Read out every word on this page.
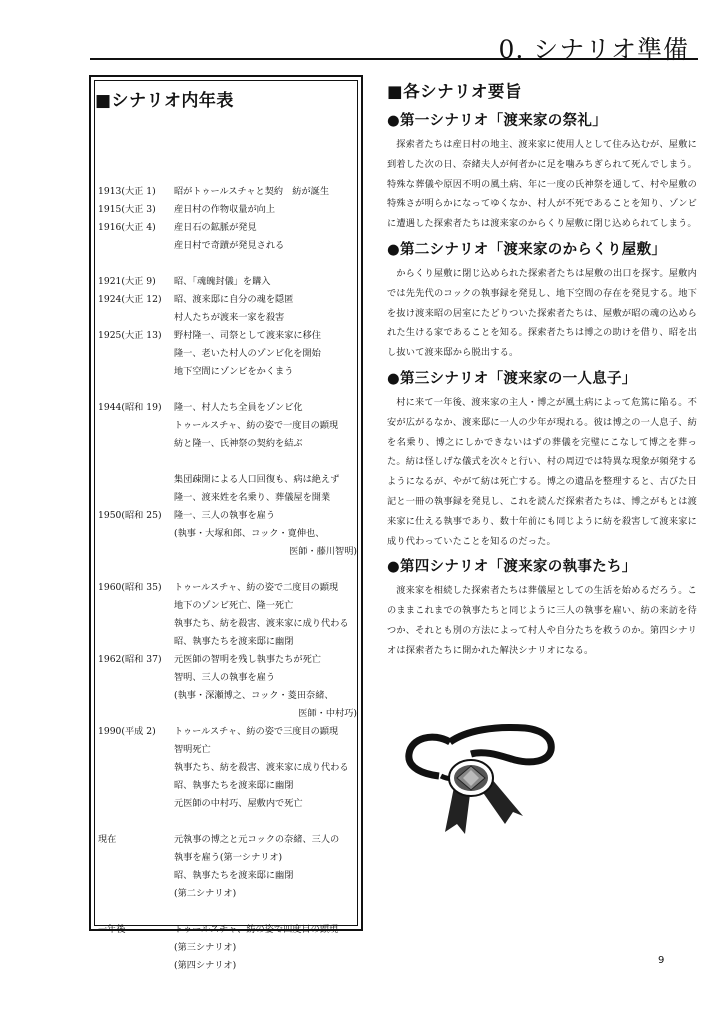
0. シナリオ準備
■シナリオ内年表
1913(大正 1) 昭がトゥールスチャと契約　紡が誕生
1915(大正 3) 産日村の作物収量が向上
1916(大正 4) 産日石の鉱脈が発見
産日村で奇蹟が発見される
1921(大正 9) 昭、「魂魄封儀」を購入
1924(大正 12) 昭、渡来邸に自分の魂を隠匿
村人たちが渡来一家を殺害
1925(大正 13) 野村隆一、司祭として渡来家に移住
隆一、老いた村人のゾンビ化を開始
地下空間にゾンビをかくまう
1944(昭和 19) 隆一、村人たち全員をゾンビ化
トゥールスチャ、紡の姿で一度目の顕現
紡と隆一、氏神祭の契約を結ぶ
集団疎開による人口回復も、病は絶えず
隆一、渡来姓を名乗り、葬儀屋を開業
1950(昭和 25) 隆一、三人の執事を雇う
(執事・大塚和郎、コック・寛伸也、
医師・藤川智明)
1960(昭和 35) トゥールスチャ、紡の姿で二度目の顕現
地下のゾンビ死亡、隆一死亡
執事たち、紡を殺害、渡来家に成り代わる
昭、執事たちを渡来邸に幽閉
1962(昭和 37) 元医師の智明を残し執事たちが死亡
智明、三人の執事を雇う
(執事・深瀬博之、コック・菱田奈緒、
医師・中村巧)
1990(平成 2) トゥールスチャ、紡の姿で三度目の顕現
智明死亡
執事たち、紡を殺害、渡来家に成り代わる
昭、執事たちを渡来邸に幽閉
元医師の中村巧、屋敷内で死亡
現在	元執事の博之と元コックの奈緒、三人の
執事を雇う(第一シナリオ)
昭、執事たちを渡来邸に幽閉
(第二シナリオ)
一年後	トゥールスチャ、紡の姿で四度目の顕現
(第三シナリオ)
(第四シナリオ)
■各シナリオ要旨
●第一シナリオ「渡来家の祭礼」

探索者たちは産日村の地主、渡来家に使用人として住み込むが、屋敷に到着した次の日、奈緒夫人が何者かに足を噛みちぎられて死んでしまう。特殊な葬儀や原因不明の風土病、年に一度の氏神祭を通して、村や屋敷の特殊さが明らかになってゆくなか、村人が不死であることを知り、ゾンビに遭遇した探索者たちは渡来家のからくり屋敷に閉じ込められてしまう。

●第二シナリオ「渡来家のからくり屋敷」

からくり屋敷に閉じ込められた探索者たちは屋敷の出口を探す。屋敷内では先先代のコックの執事録を発見し、地下空間の存在を発見する。地下を抜け渡来昭の居室にたどりついた探索者たちは、屋敷が昭の魂の込められた生ける家であることを知る。探索者たちは博之の助けを借り、昭を出し抜いて渡来邸から脱出する。

●第三シナリオ「渡来家の一人息子」

村に来て一年後、渡来家の主人・博之が風土病によって危篤に陥る。不安が広がるなか、渡来邸に一人の少年が現れる。彼は博之の一人息子、紡を名乗り、博之にしかできないはずの葬儀を完璧にこなして博之を葬った。紡は怪しげな儀式を次々と行い、村の周辺では特異な現象が頻発するようになるが、やがて紡は死亡する。博之の遺品を整理すると、古びた日記と一冊の執事録を発見し、これを読んだ探索者たちは、博之がもとは渡来家に仕える執事であり、数十年前にも同じように紡を殺害して渡来家に成り代わっていたことを知るのだった。

●第四シナリオ「渡来家の執事たち」

渡来家を相続した探索者たちは葬儀屋としての生活を始めるだろう。このままこれまでの執事たちと同じように三人の執事を雇い、紡の来訪を待つか、それとも別の方法によって村人や自分たちを救うのか。第四シナリオは探索者たちに開かれた解決シナリオになる。

9
